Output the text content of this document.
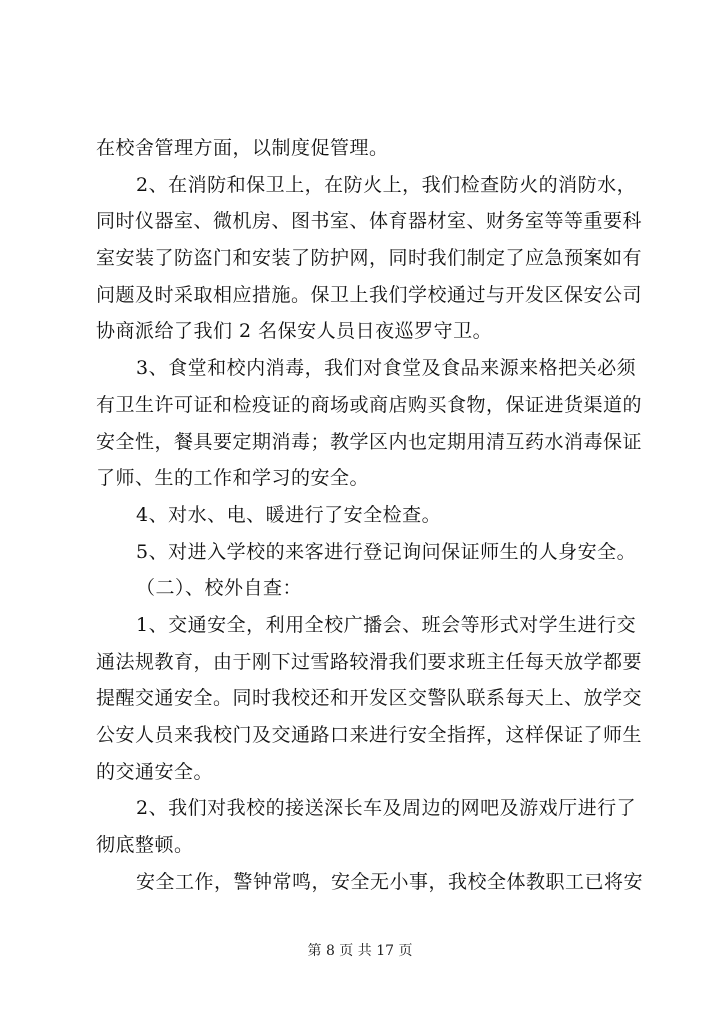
在校舍管理方面，以制度促管理。
2、在消防和保卫上，在防火上，我们检查防火的消防水，
同时仪器室、微机房、图书室、体育器材室、财务室等等重要科
室安装了防盗门和安装了防护网，同时我们制定了应急预案如有
问题及时采取相应措施。保卫上我们学校通过与开发区保安公司
协商派给了我们 2 名保安人员日夜巡罗守卫。
3、食堂和校内消毒，我们对食堂及食品来源来格把关必须
有卫生许可证和检疫证的商场或商店购买食物，保证进货渠道的
安全性，餐具要定期消毒；教学区内也定期用清互药水消毒保证
了师、生的工作和学习的安全。
4、对水、电、暖进行了安全检查。
5、对进入学校的来客进行登记询问保证师生的人身安全。
（二）、校外自查：
1、交通安全，利用全校广播会、班会等形式对学生进行交
通法规教育，由于刚下过雪路较滑我们要求班主任每天放学都要
提醒交通安全。同时我校还和开发区交警队联系每天上、放学交
公安人员来我校门及交通路口来进行安全指挥，这样保证了师生
的交通安全。
2、我们对我校的接送深长车及周边的网吧及游戏厅进行了
彻底整顿。
安全工作，警钟常鸣，安全无小事，我校全体教职工已将安
第 8 页 共 17 页
